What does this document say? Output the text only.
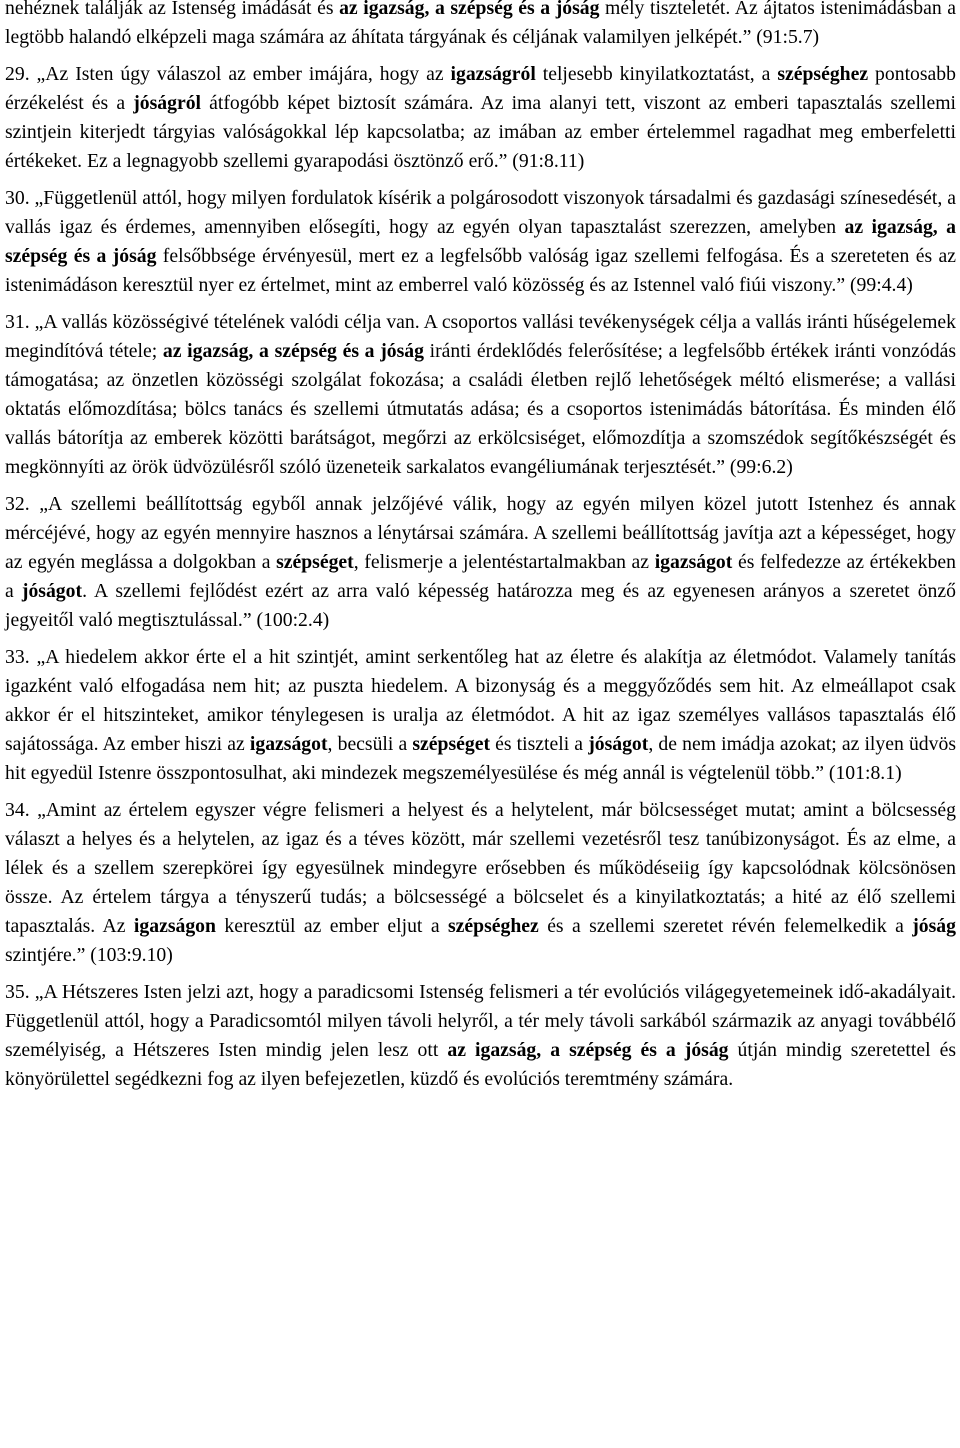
nehéznek találják az Istenség imádását és az igazság, a szépség és a jóság mély tiszteletét. Az ájtatos istenimádásban a legtöbb halandó elképzeli maga számára az áhítata tárgyának és céljának valamilyen jelképét.” (91:5.7)

29. „Az Isten úgy válaszol az ember imájára, hogy az igazságról teljesebb kinyilatkoztatást, a szépséghez pontosabb érzékelést és a jóságról átfogóbb képet biztosít számára. Az ima alanyi tett, viszont az emberi tapasztalás szellemi szintjein kiterjedt tárgyias valóságokkal lép kapcsolatba; az imában az ember értelemmel ragadhat meg emberfeletti értékeket. Ez a legnagyobb szellemi gyarapodási ösztönző erő.” (91:8.11)

30. „Függetlenül attól, hogy milyen fordulatok kísérik a polgárosodott viszonyok társadalmi és gazdasági színesedését, a vallás igaz és érdemes, amennyiben elősegíti, hogy az egyén olyan tapasztalást szerezzen, amelyben az igazság, a szépség és a jóság felsőbbsége érvényesül, mert ez a legfelsőbb valóság igaz szellemi felfogása. És a szereteten és az istenimádáson keresztül nyer ez értelmet, mint az emberrel való közösség és az Istennel való fiúi viszony.” (99:4.4)

31. „A vallás közösségivé tételének valódi célja van. A csoportos vallási tevékenységek célja a vallás iránti hűségelemek megindítóvá tétele; az igazság, a szépség és a jóság iránti érdeklődés felerősítése; a legfelsőbb értékek iránti vonzódás támogatása; az önzetlen közösségi szolgálat fokozása; a családi életben rejlő lehetőségek méltó elismerése; a vallási oktatás előmozdítása; bölcs tanács és szellemi útmutatás adása; és a csoportos istenimádás bátorítása. És minden élő vallás bátorítja az emberek közötti barátságot, megőrzi az erkölcsiséget, előmozdítja a szomszédok segítőkészségét és megkönnyíti az örök üdvözülésről szóló üzeneteik sarkalatos evangéliumának terjesztését.” (99:6.2)

32. „A szellemi beállítottság egyből annak jelzőjévé válik, hogy az egyén milyen közel jutott Istenhez és annak mércéjévé, hogy az egyén mennyire hasznos a lénytársai számára. A szellemi beállítottság javítja azt a képességet, hogy az egyén meglássa a dolgokban a szépséget, felismerje a jelentéstartalmakban az igazságot és felfedezze az értékekben a jóságot. A szellemi fejlődést ezért az arra való képesség határozza meg és az egyenesen arányos a szeretet önző jegyeitől való megtisztulással.” (100:2.4)

33. „A hiedelem akkor érte el a hit szintjét, amint serkentőleg hat az életre és alakítja az életmódot. Valamely tanítás igazként való elfogadása nem hit; az puszta hiedelem. A bizonyság és a meggyőződés sem hit. Az elmeállapot csak akkor ér el hitszinteket, amikor ténylegesen is uralja az életmódot. A hit az igaz személyes vallásos tapasztalás élő sajátossága. Az ember hiszi az igazságot, becsüli a szépséget és tiszteli a jóságot, de nem imádja azokat; az ilyen üdvös hit egyedül Istenre összpontosulhat, aki mindezek megszemélyesülése és még annál is végtelenül több.” (101:8.1)

34. „Amint az értelem egyszer végre felismeri a helyest és a helytelent, már bölcsességet mutat; amint a bölcsesség választ a helyes és a helytelen, az igaz és a téves között, már szellemi vezetésről tesz tanúbizonyságot. És az elme, a lélek és a szellem szerepkörei így egyesülnek mindegyre erősebben és működéseiig így kapcsolódnak kölcsönösen össze. Az értelem tárgya a tényszerű tudás; a bölcsességé a bölcselet és a kinyilatkoztatás; a hité az élő szellemi tapasztalás. Az igazságon keresztül az ember eljut a szépséghez és a szellemi szeretet révén felemelkedik a jóság szintjére.” (103:9.10)

35. „A Hétszeres Isten jelzi azt, hogy a paradicsomi Istenség felismeri a tér evolúciós világegyetemeinek idő-akadályait. Függetlenül attól, hogy a Paradicsomtól milyen távoli helyről, a tér mely távoli sarkából származik az anyagi továbbélő személyiség, a Hétszeres Isten mindig jelen lesz ott az igazság, a szépség és a jóság útján mindig szeretettel és könyörülettel segédkezni fog az ilyen befejezetlen, küzdő és evolúciós teremtmény számára.
